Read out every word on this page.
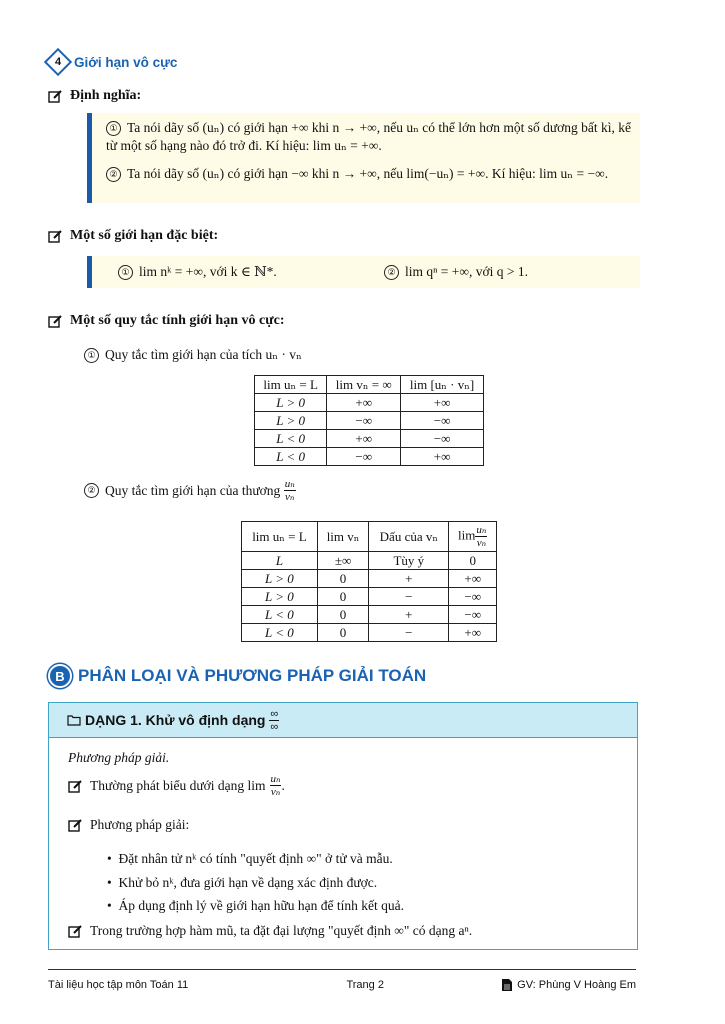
4 Giới hạn vô cực
Định nghĩa:
① Ta nói dãy số (uₙ) có giới hạn +∞ khi n → +∞, nếu uₙ có thể lớn hơn một số dương bất kì, kể từ một số hạng nào đó trở đi. Kí hiệu: lim uₙ = +∞.
② Ta nói dãy số (uₙ) có giới hạn −∞ khi n → +∞, nếu lim(−uₙ) = +∞. Kí hiệu: lim uₙ = −∞.
Một số giới hạn đặc biệt:
① lim nᵏ = +∞, với k ∈ ℕ*.	② lim qⁿ = +∞, với q > 1.
Một số quy tắc tính giới hạn vô cực:
① Quy tắc tìm giới hạn của tích uₙ · vₙ
lim uₙ = L	lim vₙ = ∞	lim [uₙ · vₙ]
L > 0	+∞	+∞
L > 0	−∞	−∞
L < 0	+∞	−∞
L < 0	−∞	+∞
② Quy tắc tìm giới hạn của thương
$\frac{\text{uₙ}}{\text{vₙ}}$
lim uₙ = L	lim vₙ	Dấu của vₙ	$\lim \frac{\text{uₙ}}{\text{vₙ}}$

L	±∞	Tùy ý	0
L > 0	0	+	+∞
L > 0	0	−	−∞
L < 0	0	+	−∞
L < 0	0	−	+∞
B PHÂN LOẠI VÀ PHƯƠNG PHÁP GIẢI TOÁN
DẠNG 1. Khử vô định dạng
$\frac{\infty}{\infty}$
Phương pháp giải.
Thường phát biểu dưới dạng $\lim \frac{\text{uₙ}}{\text{vₙ}}$ .
Phương pháp giải:
•  Đặt nhân tử nᵏ có tính "quyết định ∞" ở tử và mẫu.
•  Khử bỏ nᵏ, đưa giới hạn về dạng xác định được.
•  Áp dụng định lý về giới hạn hữu hạn để tính kết quả.
Trong trường hợp hàm mũ, ta đặt đại lượng "quyết định ∞" có dạng aⁿ.
Tài liệu học tập môn Toán 11	Trang 2	GV: Phùng V Hoàng Em
